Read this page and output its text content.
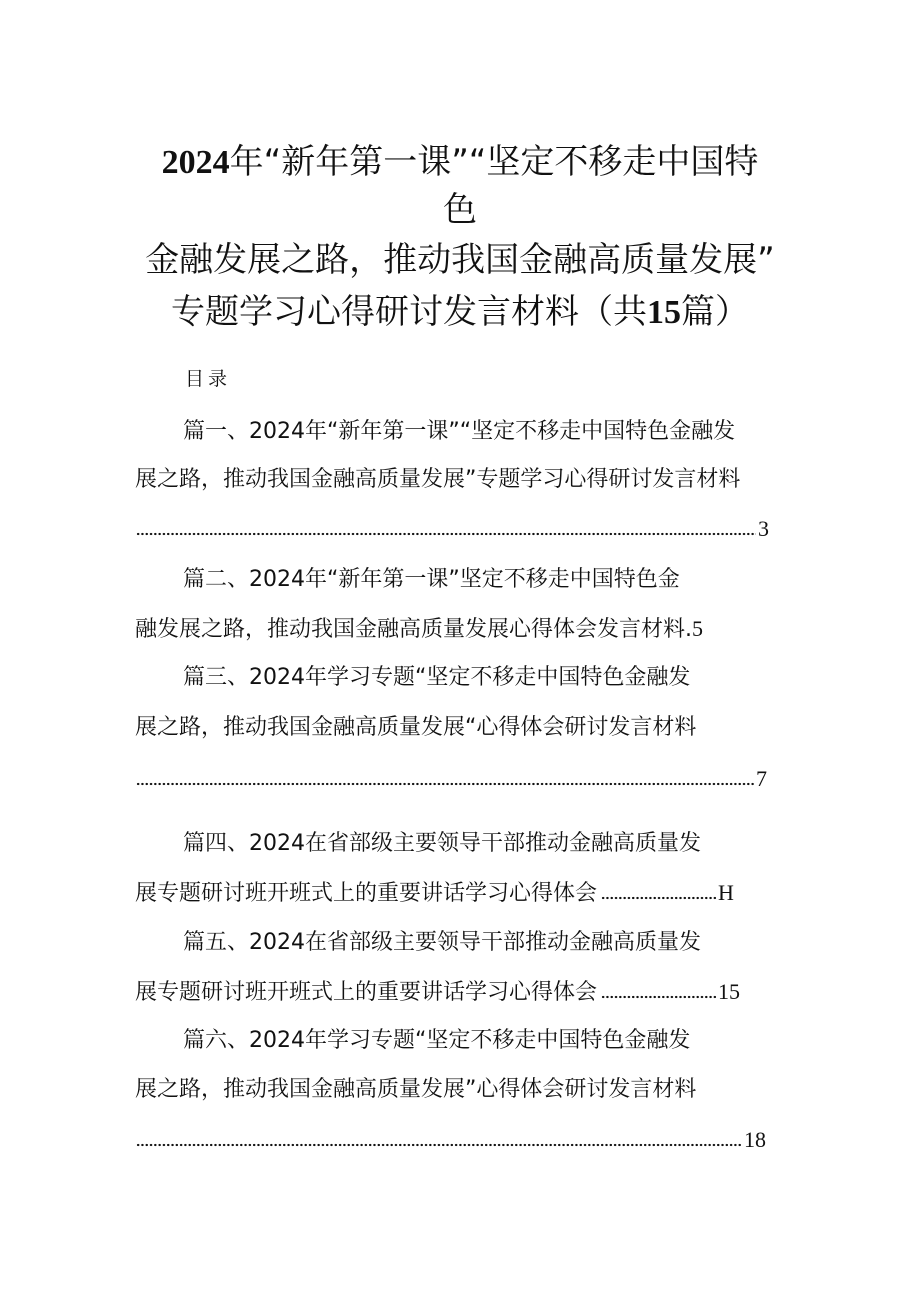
2024年“新年第一课”“坚定不移走中国特
色
金融发展之路，推动我国金融高质量发展”
专题学习心得研讨发言材料（共15篇）
目录
篇一、2024年“新年第一课”“坚定不移走中国特色金融发
展之路，推动我国金融高质量发展”专题学习心得研讨发言材料
3
篇二、2024年“新年第一课”坚定不移走中国特色金
融发展之路，推动我国金融高质量发展心得体会发言材料.5
篇三、2024年学习专题“坚定不移走中国特色金融发
展之路，推动我国金融高质量发展“心得体会研讨发言材料
7
篇四、2024在省部级主要领导干部推动金融高质量发
展专题研讨班开班式上的重要讲话学习心得体会	H
篇五、2024在省部级主要领导干部推动金融高质量发
展专题研讨班开班式上的重要讲话学习心得体会	15
篇六、2024年学习专题“坚定不移走中国特色金融发
展之路，推动我国金融高质量发展”心得体会研讨发言材料
18
